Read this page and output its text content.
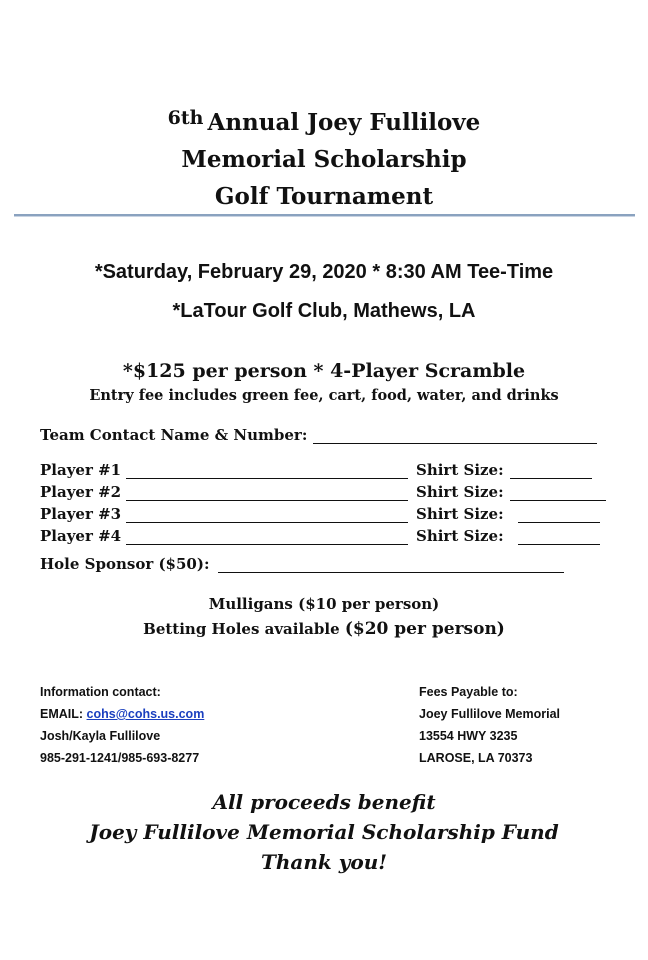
$^{6th}$ Annual Joey Fullilove
Memorial Scholarship
Golf Tournament
*Saturday, February 29, 2020 * 8:30 AM Tee-Time
*LaTour Golf Club, Mathews, LA
*$125 per person * 4-Player Scramble
Entry fee includes green fee, cart, food, water, and drinks
Team Contact Name & Number:
Player #1	Shirt Size:
Player #2	Shirt Size:
Player #3	Shirt Size:
Player #4	Shirt Size:
Hole Sponsor ($50):
Mulligans ($10 per person)
Betting Holes available ($20 per person)
Information contact:
EMAIL: cohs@cohs.us.com
Josh/Kayla Fullilove
985-291-1241/985-693-8277
Fees Payable to:
Joey Fullilove Memorial
13554 HWY 3235
LAROSE, LA 70373
All proceeds benefit
Joey Fullilove Memorial Scholarship Fund
Thank you!
